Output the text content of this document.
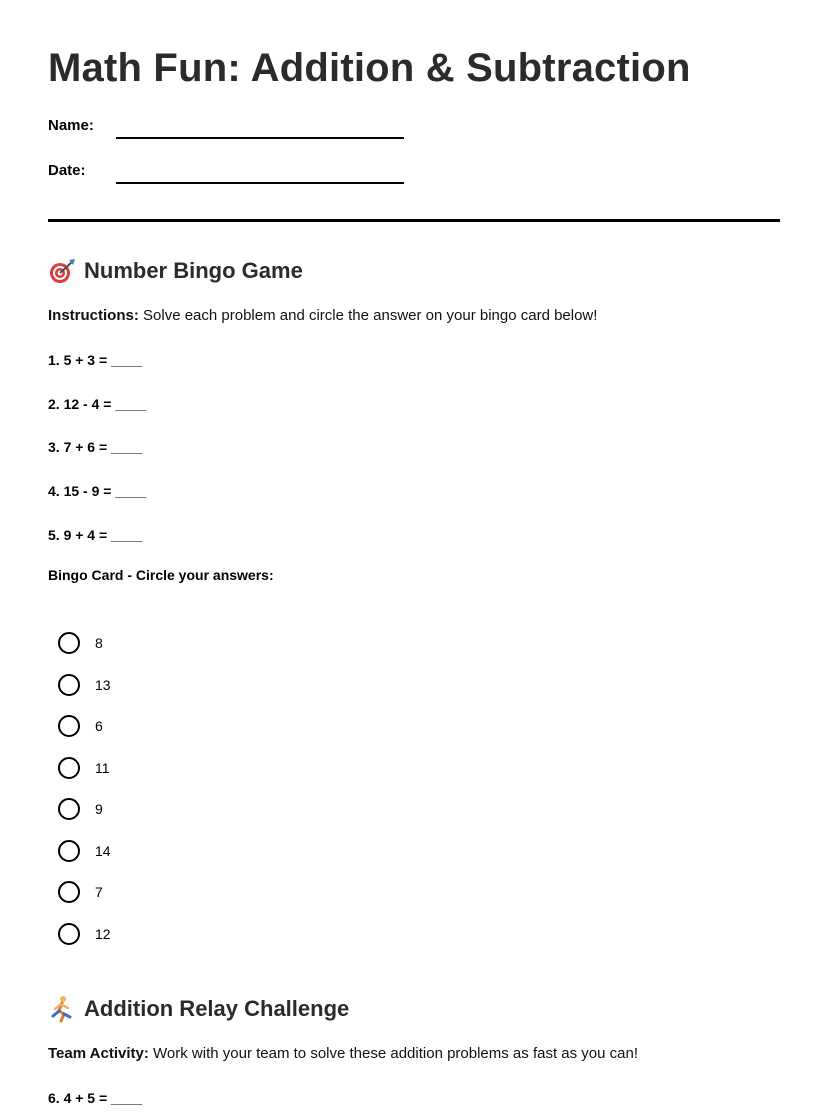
Math Fun: Addition & Subtraction
Name:
Date:
Number Bingo Game
Instructions: Solve each problem and circle the answer on your bingo card below!
1. 5 + 3 = ____
2. 12 - 4 = ____
3. 7 + 6 = ____
4. 15 - 9 = ____
5. 9 + 4 = ____
Bingo Card - Circle your answers:
8
13
6
11
9
14
7
12
Addition Relay Challenge
Team Activity: Work with your team to solve these addition problems as fast as you can!
6. 4 + 5 = ____
